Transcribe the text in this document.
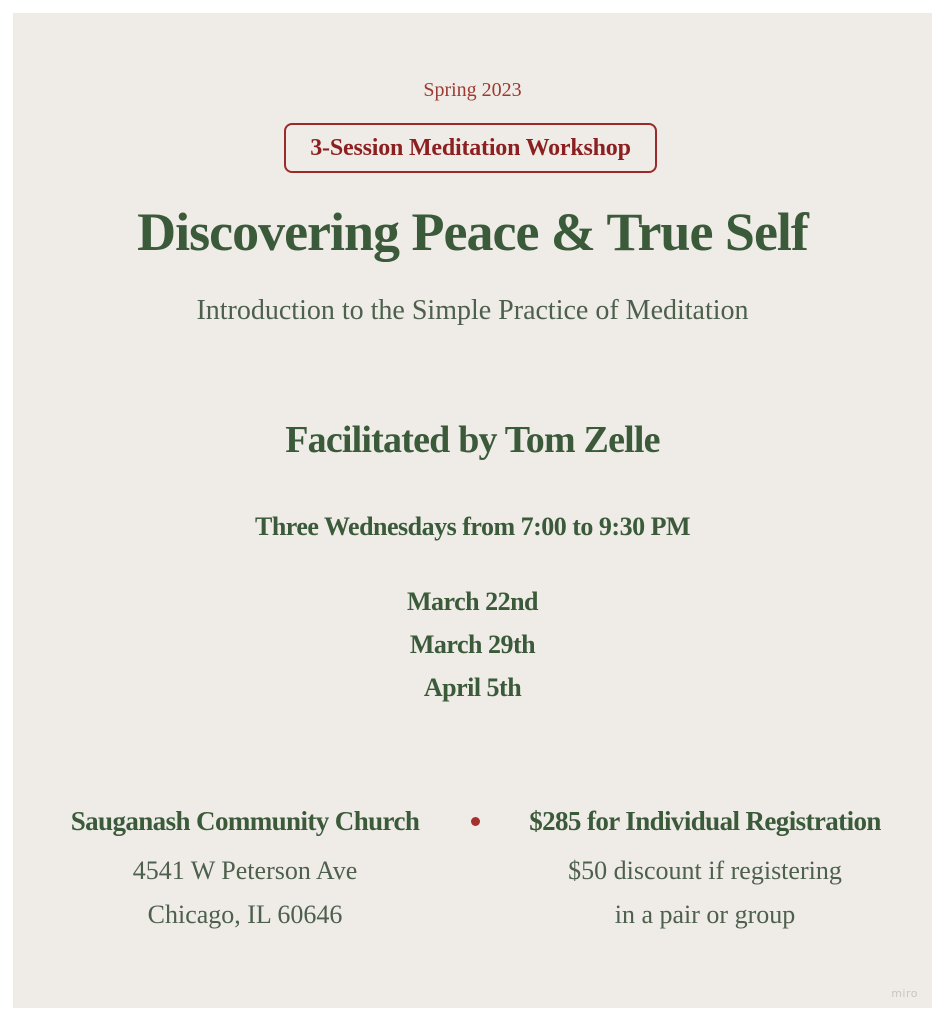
Spring 2023
3-Session Meditation Workshop
Discovering Peace & True Self
Introduction to the Simple Practice of Meditation
Facilitated by Tom Zelle
Three Wednesdays from 7:00 to 9:30 PM
March 22nd
March 29th
April 5th
Sauganash Community Church
4541 W Peterson Ave
Chicago, IL 60646
$285 for Individual Registration
$50 discount if registering
in a pair or group
miro
